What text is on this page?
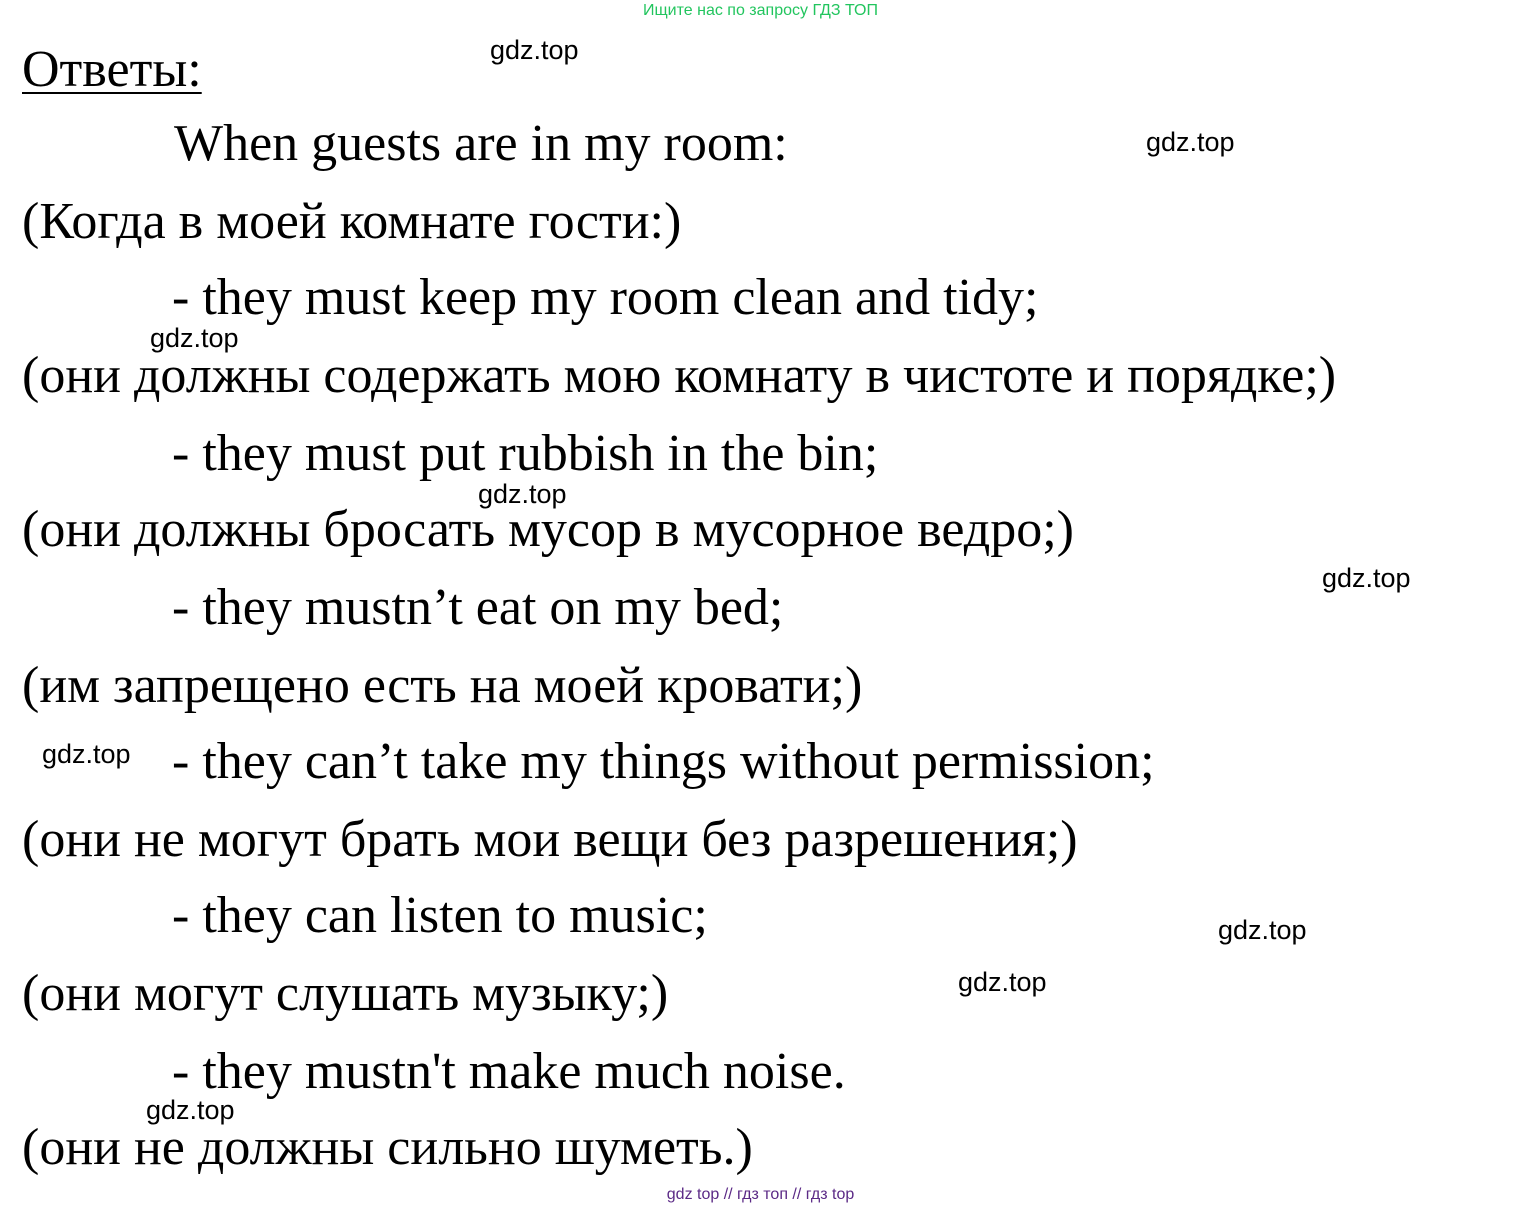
Ищите нас по запросу ГДЗ ТОП
Ответы:
When guests are in my room:
(Когда в моей комнате гости:)
- they must keep my room clean and tidy;
(они должны содержать мою комнату в чистоте и порядке;)
- they must put rubbish in the bin;
(они должны бросать мусор в мусорное ведро;)
- they mustn’t eat on my bed;
(им запрещено есть на моей кровати;)
- they can’t take my things without permission;
(они не могут брать мои вещи без разрешения;)
- they can listen to music;
(они могут слушать музыку;)
- they mustn't make much noise.
(они не должны сильно шуметь.)
gdz.top
gdz.top
gdz.top
gdz.top
gdz.top
gdz.top
gdz.top
gdz.top
gdz.top
gdz top // гдз топ // гдз top
